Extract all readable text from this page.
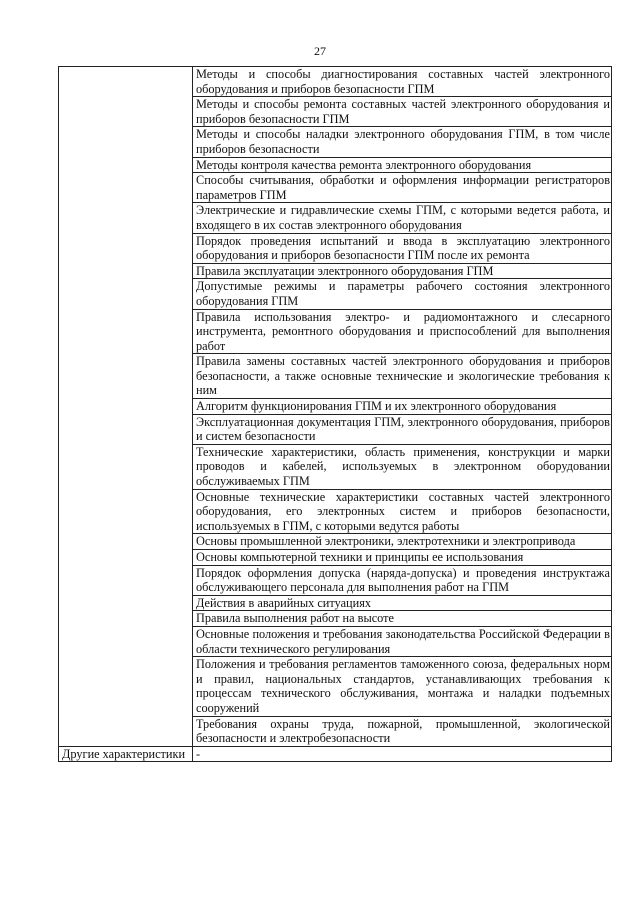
27
	Методы и способы диагностирования составных частей электронного оборудования и приборов безопасности ГПМ
	Методы и способы ремонта составных частей электронного оборудования и приборов безопасности ГПМ
	Методы и способы наладки электронного оборудования ГПМ, в том числе приборов безопасности
	Методы контроля качества ремонта электронного оборудования
	Способы считывания, обработки и оформления информации регистраторов параметров ГПМ
	Электрические и гидравлические схемы ГПМ, с которыми ведется работа, и входящего в их состав электронного оборудования
	Порядок проведения испытаний и ввода в эксплуатацию электронного оборудования и приборов безопасности ГПМ после их ремонта
	Правила эксплуатации электронного оборудования ГПМ
	Допустимые режимы и параметры рабочего состояния электронного оборудования ГПМ
	Правила использования электро- и радиомонтажного и слесарного инструмента, ремонтного оборудования и приспособлений для выполнения работ
	Правила замены составных частей электронного оборудования и приборов безопасности, а также основные технические и экологические требования к ним
	Алгоритм функционирования ГПМ и их электронного оборудования
	Эксплуатационная документация ГПМ, электронного оборудования, приборов и систем безопасности
	Технические характеристики, область применения, конструкции и марки проводов и кабелей, используемых в электронном оборудовании обслуживаемых ГПМ
	Основные технические характеристики составных частей электронного оборудования, его электронных систем и приборов безопасности, используемых в ГПМ, с которыми ведутся работы
	Основы промышленной электроники, электротехники и электропривода
	Основы компьютерной техники и принципы ее использования
	Порядок оформления допуска (наряда-допуска) и проведения инструктажа обслуживающего персонала для выполнения работ на ГПМ
	Действия в аварийных ситуациях
	Правила выполнения работ на высоте
	Основные положения и требования законодательства Российской Федерации в области технического регулирования
	Положения и требования регламентов таможенного союза, федеральных норм и правил, национальных стандартов, устанавливающих требования к процессам технического обслуживания, монтажа и наладки подъемных сооружений
	Требования охраны труда, пожарной, промышленной, экологической безопасности и электробезопасности
Другие характеристики	-
